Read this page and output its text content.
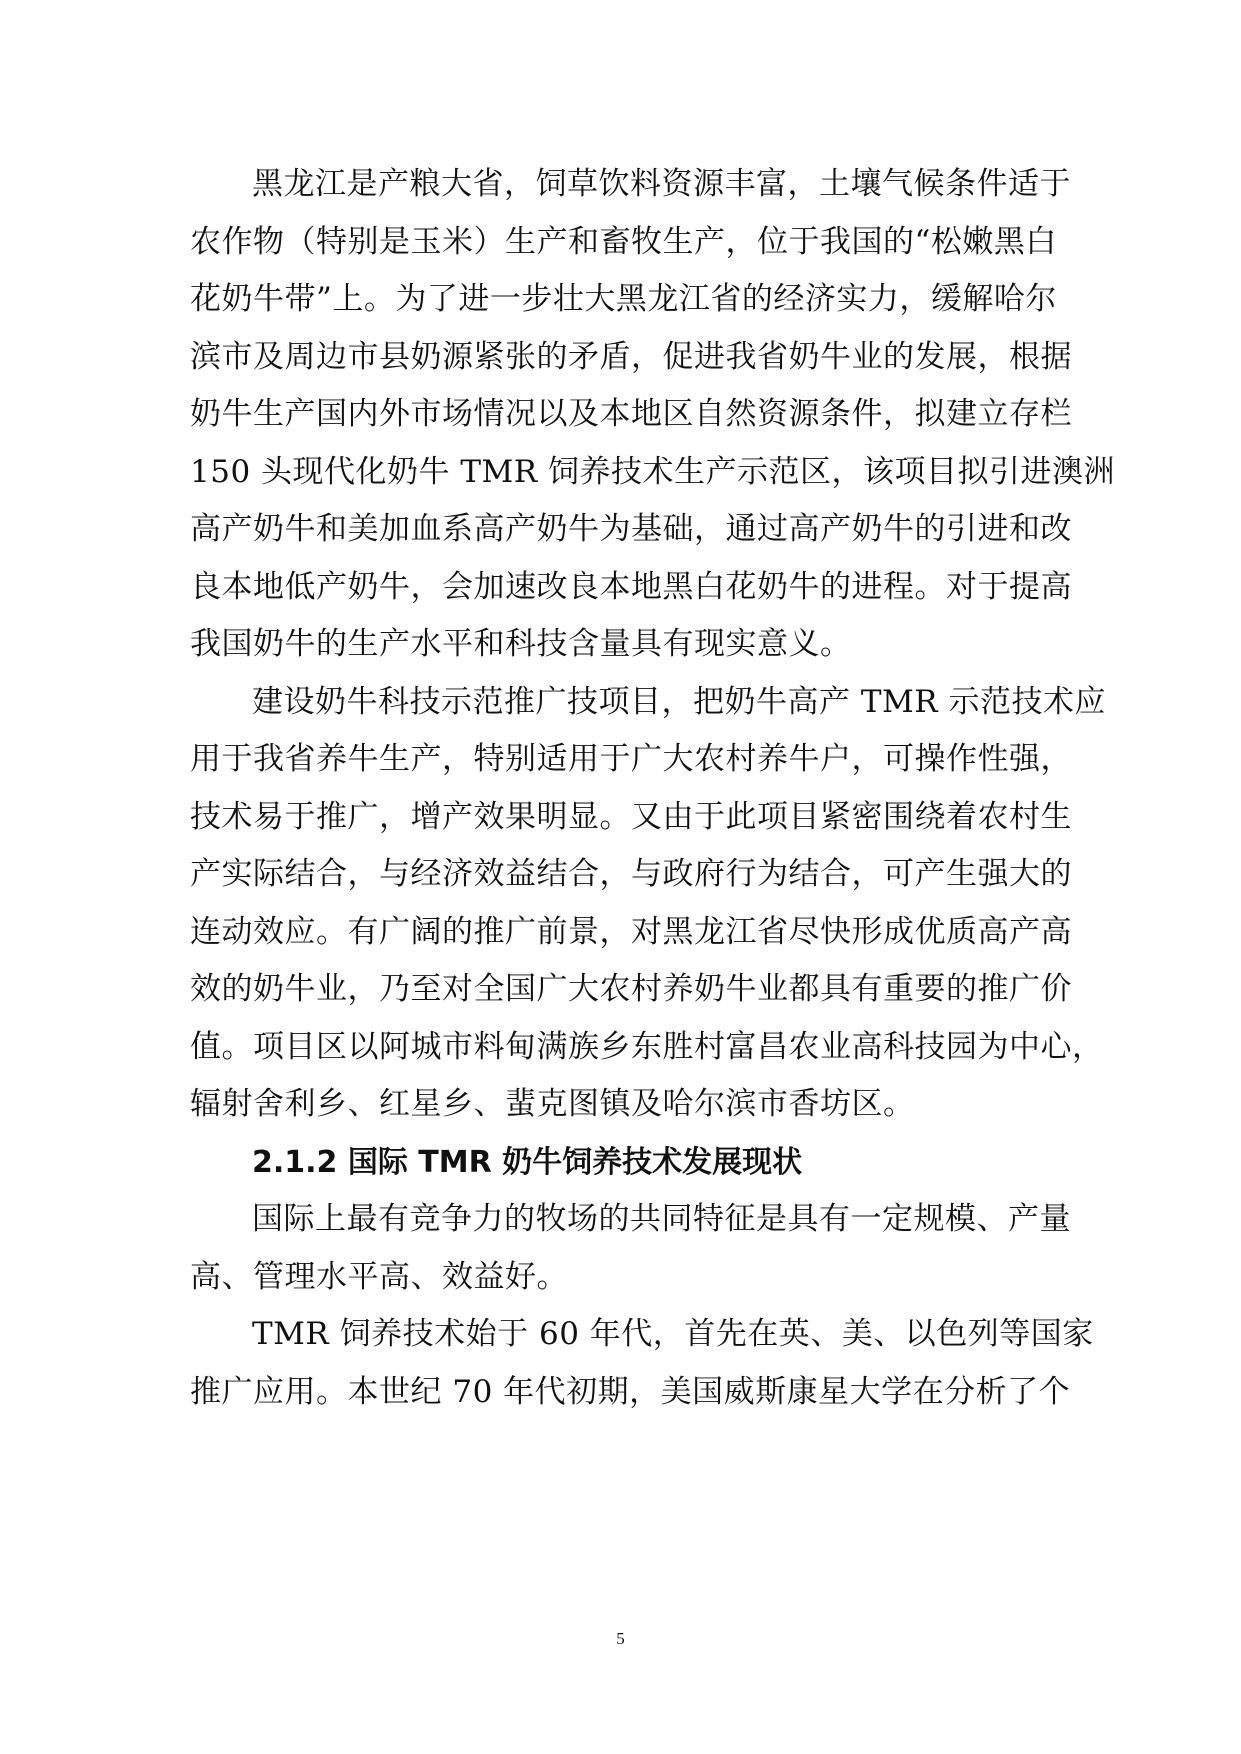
黑龙江是产粮大省，饲草饮料资源丰富，土壤气候条件适于
农作物（特别是玉米）生产和畜牧生产，位于我国的“松嫩黑白
花奶牛带”上。为了进一步壮大黑龙江省的经济实力，缓解哈尔
滨市及周边市县奶源紧张的矛盾，促进我省奶牛业的发展，根据
奶牛生产国内外市场情况以及本地区自然资源条件，拟建立存栏
150 头现代化奶牛 TMR 饲养技术生产示范区，该项目拟引进澳洲
高产奶牛和美加血系高产奶牛为基础，通过高产奶牛的引进和改
良本地低产奶牛，会加速改良本地黑白花奶牛的进程。对于提高
我国奶牛的生产水平和科技含量具有现实意义。
建设奶牛科技示范推广技项目，把奶牛高产 TMR 示范技术应
用于我省养牛生产，特别适用于广大农村养牛户，可操作性强，
技术易于推广，增产效果明显。又由于此项目紧密围绕着农村生
产实际结合，与经济效益结合，与政府行为结合，可产生强大的
连动效应。有广阔的推广前景，对黑龙江省尽快形成优质高产高
效的奶牛业，乃至对全国广大农村养奶牛业都具有重要的推广价
值。项目区以阿城市料甸满族乡东胜村富昌农业高科技园为中心，
辐射舍利乡、红星乡、蜚克图镇及哈尔滨市香坊区。
2.1.2 国际 TMR 奶牛饲养技术发展现状
国际上最有竞争力的牧场的共同特征是具有一定规模、产量
高、管理水平高、效益好。
TMR 饲养技术始于 60 年代，首先在英、美、以色列等国家
推广应用。本世纪 70 年代初期，美国威斯康星大学在分析了个
5
